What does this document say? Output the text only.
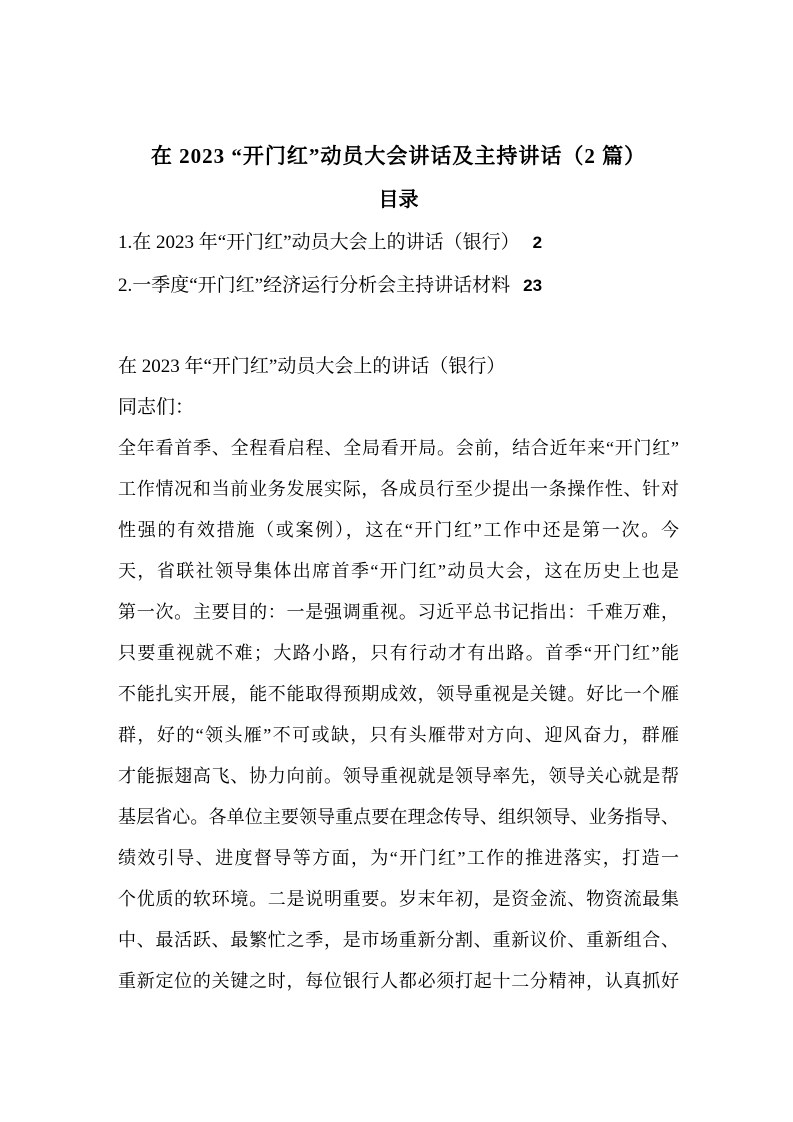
在 2023 “开门红”动员大会讲话及主持讲话（2 篇）
目录
1.在 2023 年“开门红”动员大会上的讲话（银行） 2
2.一季度“开门红”经济运行分析会主持讲话材料 23
在 2023 年“开门红”动员大会上的讲话（银行）
同志们：
全年看首季、全程看启程、全局看开局。会前，结合近年来“开门红”
工作情况和当前业务发展实际，各成员行至少提出一条操作性、针对
性强的有效措施（或案例），这在“开门红”工作中还是第一次。今
天，省联社领导集体出席首季“开门红”动员大会，这在历史上也是
第一次。主要目的：一是强调重视。习近平总书记指出：千难万难，
只要重视就不难；大路小路，只有行动才有出路。首季“开门红”能
不能扎实开展，能不能取得预期成效，领导重视是关键。好比一个雁
群，好的“领头雁”不可或缺，只有头雁带对方向、迎风奋力，群雁
才能振翅高飞、协力向前。领导重视就是领导率先，领导关心就是帮
基层省心。各单位主要领导重点要在理念传导、组织领导、业务指导、
绩效引导、进度督导等方面，为“开门红”工作的推进落实，打造一
个优质的软环境。二是说明重要。岁末年初，是资金流、物资流最集
中、最活跃、最繁忙之季，是市场重新分割、重新议价、重新组合、
重新定位的关键之时，每位银行人都必须打起十二分精神，认真抓好
